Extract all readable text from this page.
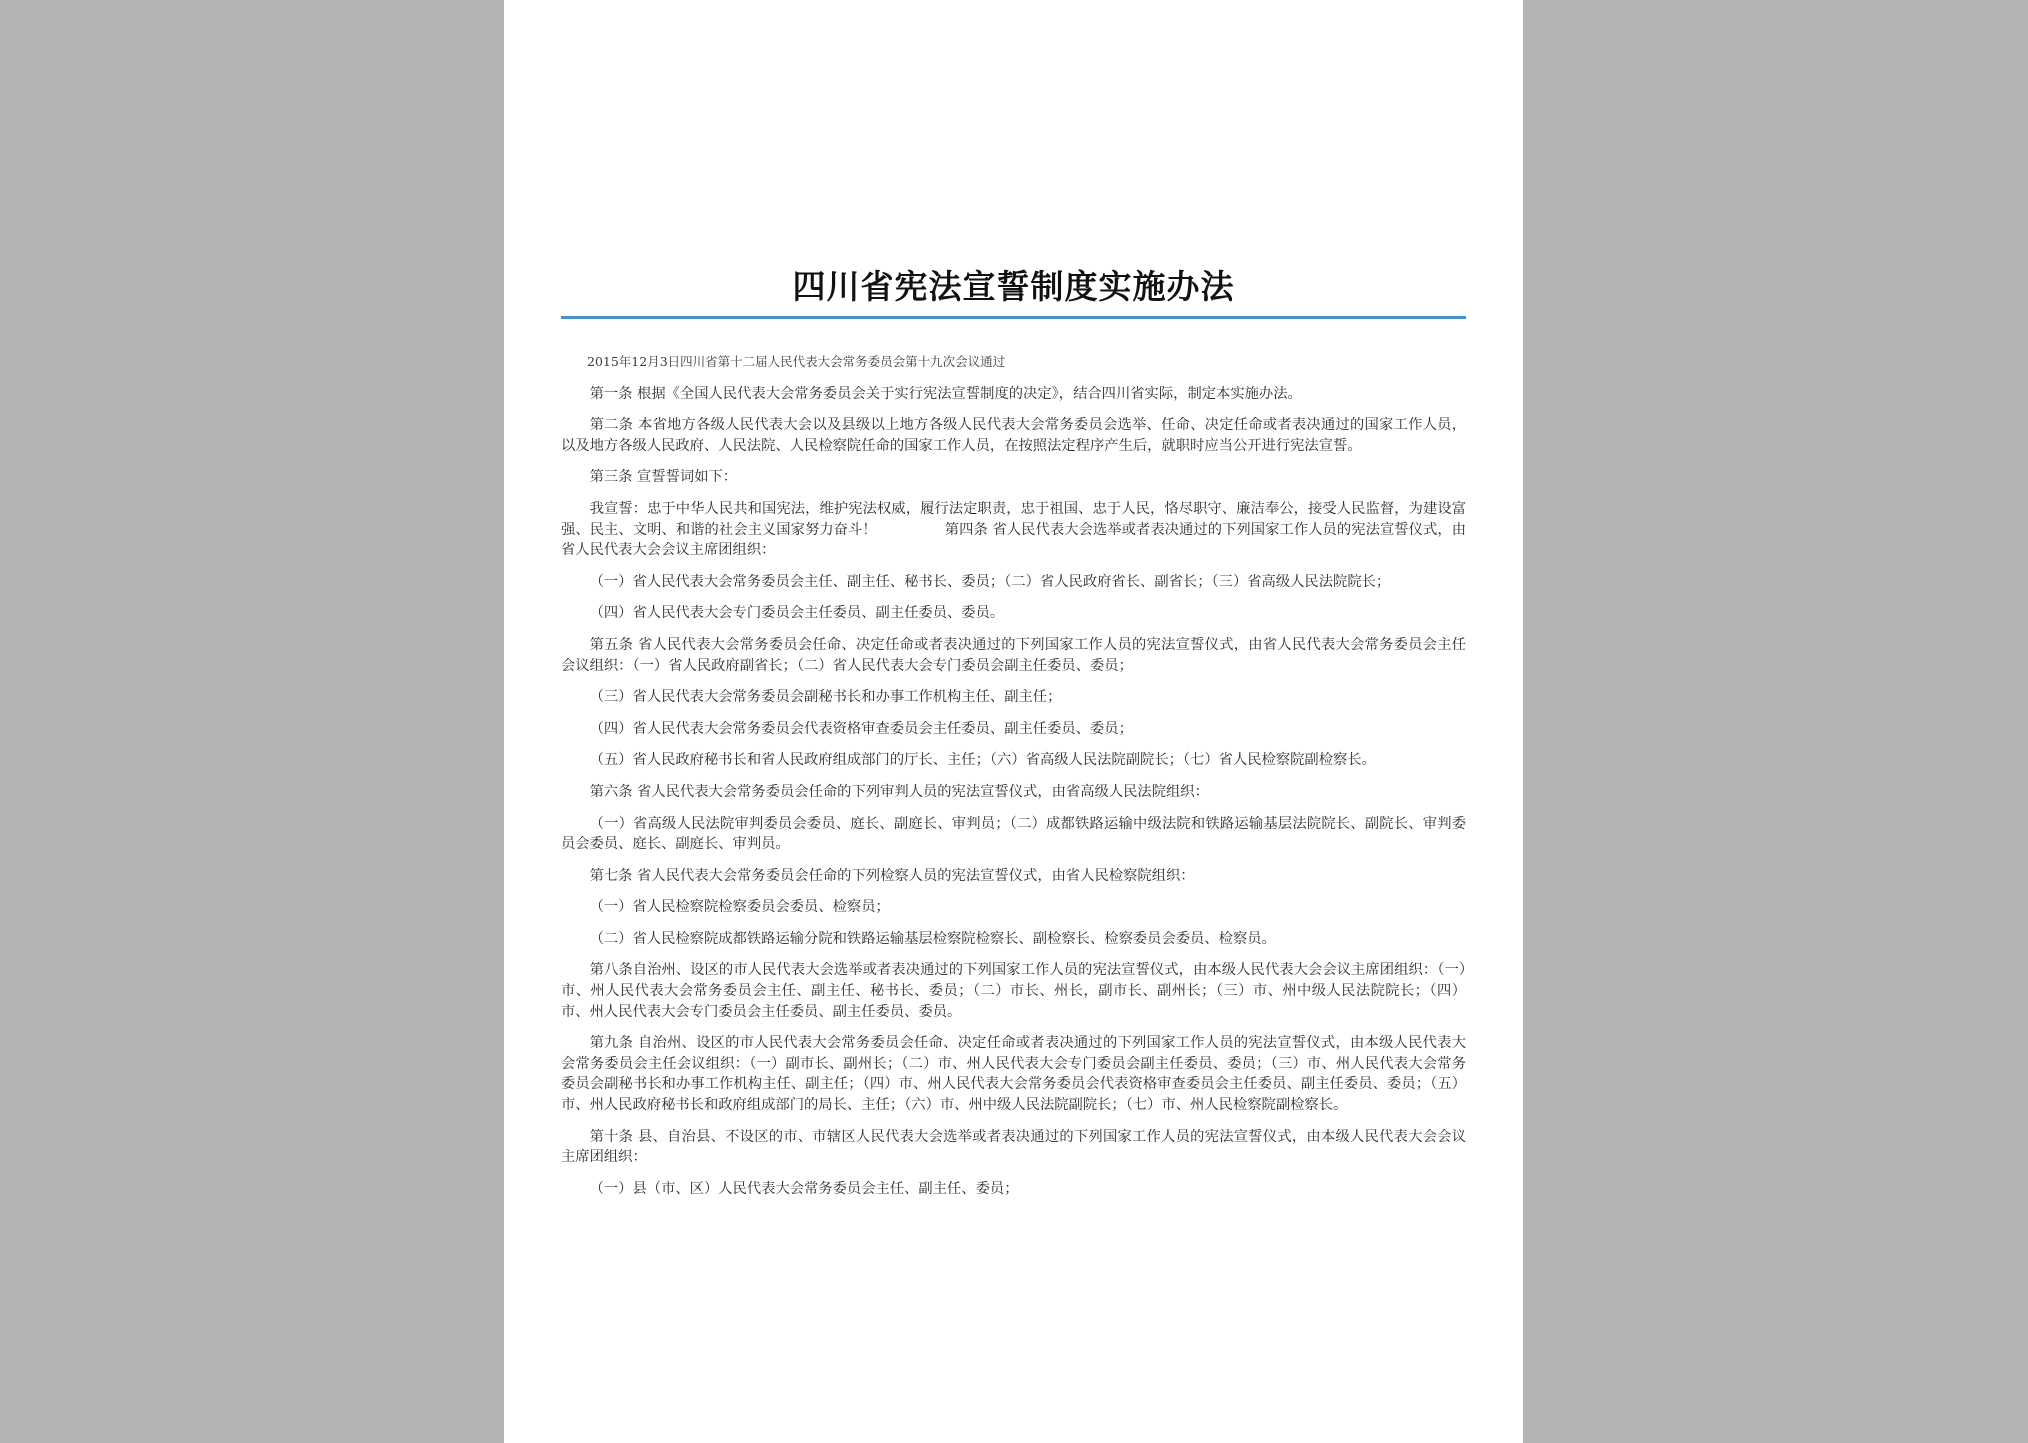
四川省宪法宣誓制度实施办法

2015年12月3日四川省第十二届人民代表大会常务委员会第十九次会议通过

第一条 根据《全国人民代表大会常务委员会关于实行宪法宣誓制度的决定》，结合四川省实际，制定本实施办法。

第二条 本省地方各级人民代表大会以及县级以上地方各级人民代表大会常务委员会选举、任命、决定任命或者表决通过的国家工作人员，以及地方各级人民政府、人民法院、人民检察院任命的国家工作人员，在按照法定程序产生后，就职时应当公开进行宪法宣誓。

第三条 宣誓誓词如下：

我宣誓：忠于中华人民共和国宪法，维护宪法权威，履行法定职责，忠于祖国、忠于人民，恪尽职守、廉洁奉公，接受人民监督，为建设富强、民主、文明、和谐的社会主义国家努力奋斗！	第四条 省人民代表大会选举或者表决通过的下列国家工作人员的宪法宣誓仪式，由省人民代表大会会议主席团组织：

（一）省人民代表大会常务委员会主任、副主任、秘书长、委员；（二）省人民政府省长、副省长；（三）省高级人民法院院长；

（四）省人民代表大会专门委员会主任委员、副主任委员、委员。

第五条 省人民代表大会常务委员会任命、决定任命或者表决通过的下列国家工作人员的宪法宣誓仪式，由省人民代表大会常务委员会主任会议组织：（一）省人民政府副省长；（二）省人民代表大会专门委员会副主任委员、委员；

（三）省人民代表大会常务委员会副秘书长和办事工作机构主任、副主任；

（四）省人民代表大会常务委员会代表资格审查委员会主任委员、副主任委员、委员；

（五）省人民政府秘书长和省人民政府组成部门的厅长、主任；（六）省高级人民法院副院长；（七）省人民检察院副检察长。

第六条 省人民代表大会常务委员会任命的下列审判人员的宪法宣誓仪式，由省高级人民法院组织：

（一）省高级人民法院审判委员会委员、庭长、副庭长、审判员；（二）成都铁路运输中级法院和铁路运输基层法院院长、副院长、审判委员会委员、庭长、副庭长、审判员。

第七条 省人民代表大会常务委员会任命的下列检察人员的宪法宣誓仪式，由省人民检察院组织：

（一）省人民检察院检察委员会委员、检察员；

（二）省人民检察院成都铁路运输分院和铁路运输基层检察院检察长、副检察长、检察委员会委员、检察员。

第八条自治州、设区的市人民代表大会选举或者表决通过的下列国家工作人员的宪法宣誓仪式，由本级人民代表大会会议主席团组织：（一）市、州人民代表大会常务委员会主任、副主任、秘书长、委员；（二）市长、州长，副市长、副州长；（三）市、州中级人民法院院长；（四）市、州人民代表大会专门委员会主任委员、副主任委员、委员。

第九条 自治州、设区的市人民代表大会常务委员会任命、决定任命或者表决通过的下列国家工作人员的宪法宣誓仪式，由本级人民代表大会常务委员会主任会议组织：（一）副市长、副州长；（二）市、州人民代表大会专门委员会副主任委员、委员；（三）市、州人民代表大会常务委员会副秘书长和办事工作机构主任、副主任；（四）市、州人民代表大会常务委员会代表资格审查委员会主任委员、副主任委员、委员；（五）市、州人民政府秘书长和政府组成部门的局长、主任；（六）市、州中级人民法院副院长；（七）市、州人民检察院副检察长。

第十条 县、自治县、不设区的市、市辖区人民代表大会选举或者表决通过的下列国家工作人员的宪法宣誓仪式，由本级人民代表大会会议主席团组织：

（一）县（市、区）人民代表大会常务委员会主任、副主任、委员；
